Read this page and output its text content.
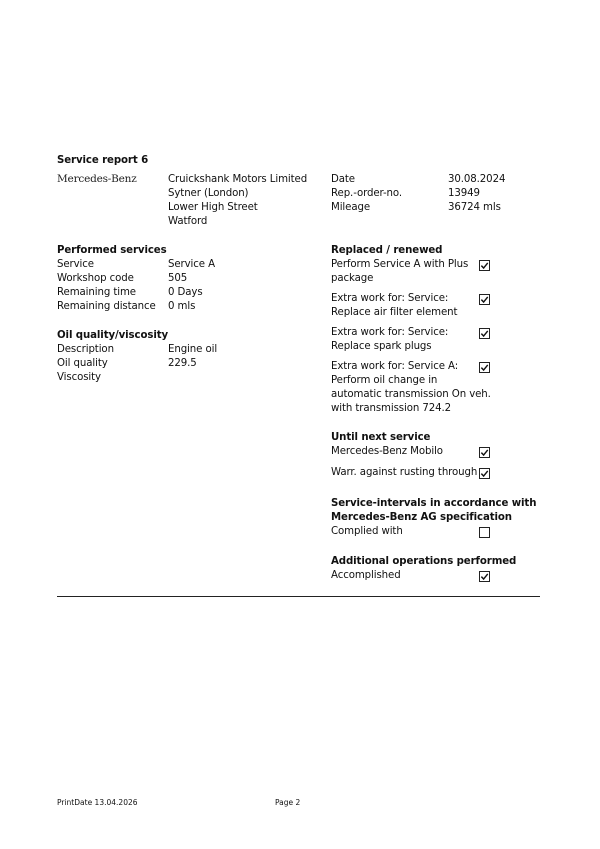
Service report 6
Mercedes-Benz	Cruickshank Motors Limited
Sytner (London)
Lower High Street
Watford
Date	30.08.2024
Rep.-order-no.	13949
Mileage	36724 mls
Performed services
Service	Service A
Workshop code	505
Remaining time	0 Days
Remaining distance 0 mls
Oil quality/viscosity
Description	Engine oil
Oil quality	229.5
Viscosity
Replaced / renewed
Perform Service A with Plus
package
Extra work for: Service:
Replace air filter element
Extra work for: Service:
Replace spark plugs
Extra work for: Service A:
Perform oil change in
automatic transmission On veh.
with transmission 724.2
Until next service
Mercedes-Benz Mobilo
Warr. against rusting through
Service-intervals in accordance with
Mercedes-Benz AG specification
Complied with
Additional operations performed
Accomplished
PrintDate 13.04.2026	Page 2
